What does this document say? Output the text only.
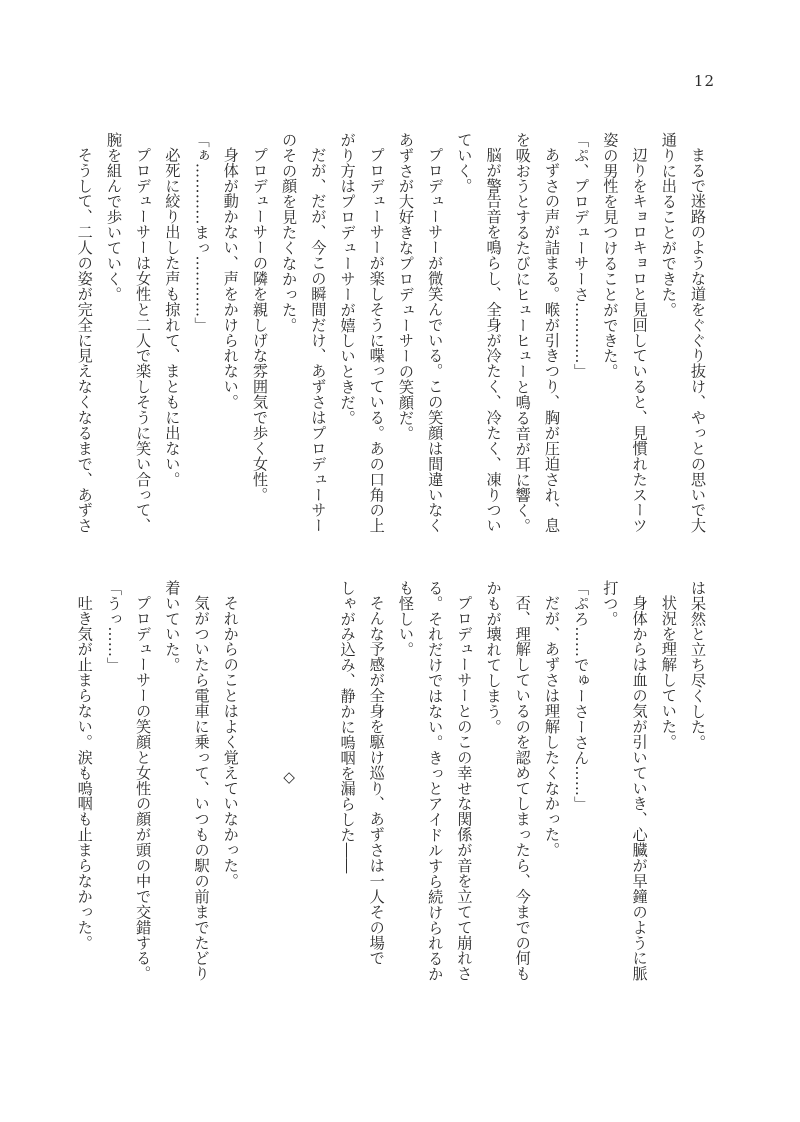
12
まるで迷路のような道をぐぐり抜け、やっとの思いで大
通りに出ることができた。
辺りをキョロキョロと見回していると、見慣れたスーツ
姿の男性を見つけることができた。
「ぷ、プロデューサーさ…………」
あずさの声が詰まる。喉が引きつり、胸が圧迫され、息
を吸おうとするたびにヒューヒューと鳴る音が耳に響く。
脳が警告音を鳴らし、全身が冷たく、冷たく、凍りつい
ていく。
プロデューサーが微笑んでいる。この笑顔は間違いなく
あずさが大好きなプロデューサーの笑顔だ。
プロデューサーが楽しそうに喋っている。あの口角の上
がり方はプロデューサーが嬉しいときだ。
だが、だが、今この瞬間だけ、あずさはプロデューサー
のその顔を見たくなかった。
プロデューサーの隣を親しげな雰囲気で歩く女性。
身体が動かない、声をかけられない。
「ぁ…………まっ…………」
必死に絞り出した声も掠れて、まともに出ない。
プロデューサーは女性と二人で楽しそうに笑い合って、
腕を組んで歩いていく。
そうして、二人の姿が完全に見えなくなるまで、あずさ
は呆然と立ち尽くした。
状況を理解していた。
身体からは血の気が引いていき、心臓が早鐘のように脈
打つ。
「ぷろ……でゅーさーさん……」
だが、あずさは理解したくなかった。
否、理解しているのを認めてしまったら、今までの何も
かもが壊れてしまう。
プロデューサーとのこの幸せな関係が音を立てて崩れさ
る。それだけではない。きっとアイドルすら続けられるか
も怪しい。
そんな予感が全身を駆け巡り、あずさは一人その場で
しゃがみ込み、静かに嗚咽を漏らした――
◇
それからのことはよく覚えていなかった。
気がついたら電車に乗って、いつもの駅の前までたどり
着いていた。
プロデューサーの笑顔と女性の顔が頭の中で交錯する。
「うっ……」
吐き気が止まらない。涙も嗚咽も止まらなかった。
